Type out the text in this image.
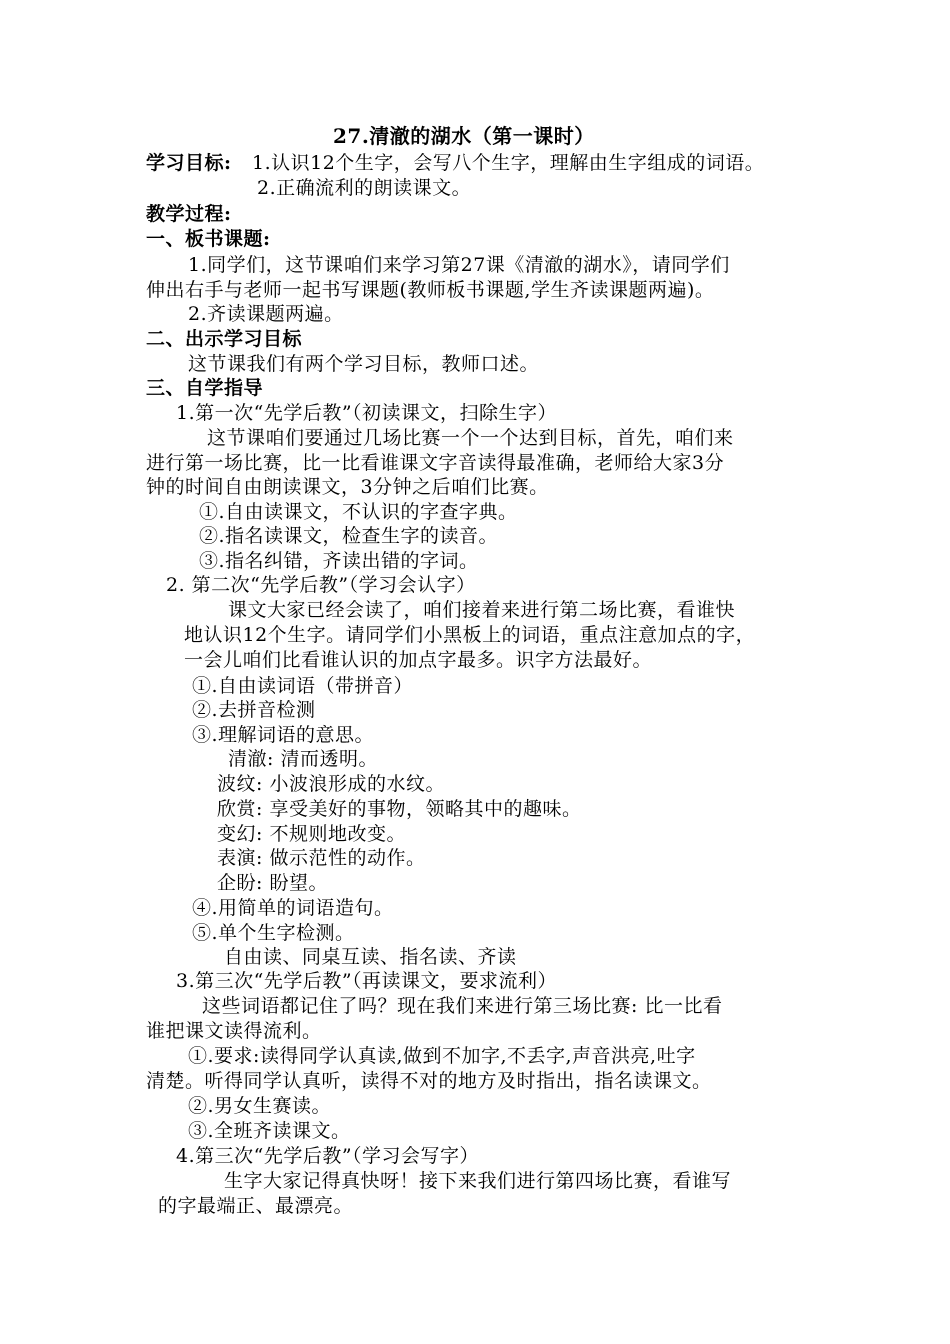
27.清澈的湖水（第一课时）
学习目标: 1.认识12个生字，会写八个生字，理解由生字组成的词语。
2.正确流利的朗读课文。
教学过程:
一、板书课题:
1.同学们，这节课咱们来学习第27课《清澈的湖水》，请同学们
伸出右手与老师一起书写课题(教师板书课题,学生齐读课题两遍)。
2.齐读课题两遍。
二、出示学习目标
这节课我们有两个学习目标，教师口述。
三、自学指导
1.第一次“先学后教”（初读课文，扫除生字）
这节课咱们要通过几场比赛一个一个达到目标，首先，咱们来
进行第一场比赛，比一比看谁课文字音读得最准确，老师给大家3分
钟的时间自由朗读课文，3分钟之后咱们比赛。
①.自由读课文，不认识的字查字典。
②.指名读课文，检查生字的读音。
③.指名纠错，齐读出错的字词。
2. 第二次“先学后教”（学习会认字）
课文大家已经会读了，咱们接着来进行第二场比赛，看谁快
地认识12个生字。请同学们小黑板上的词语，重点注意加点的字，
一会儿咱们比看谁认识的加点字最多。识字方法最好。
①.自由读词语（带拼音）
②.去拼音检测
③.理解词语的意思。
清澈: 清而透明。
波纹: 小波浪形成的水纹。
欣赏: 享受美好的事物，领略其中的趣味。
变幻: 不规则地改变。
表演: 做示范性的动作。
企盼: 盼望。
④.用简单的词语造句。
⑤.单个生字检测。
自由读、同桌互读、指名读、齐读
3.第三次“先学后教”（再读课文，要求流利）
这些词语都记住了吗？现在我们来进行第三场比赛: 比一比看
谁把课文读得流利。
①.要求:读得同学认真读,做到不加字,不丢字,声音洪亮,吐字
清楚。听得同学认真听，读得不对的地方及时指出，指名读课文。
②.男女生赛读。
③.全班齐读课文。
4.第三次“先学后教”（学习会写字）
生字大家记得真快呀！接下来我们进行第四场比赛，看谁写
的字最端正、最漂亮。
